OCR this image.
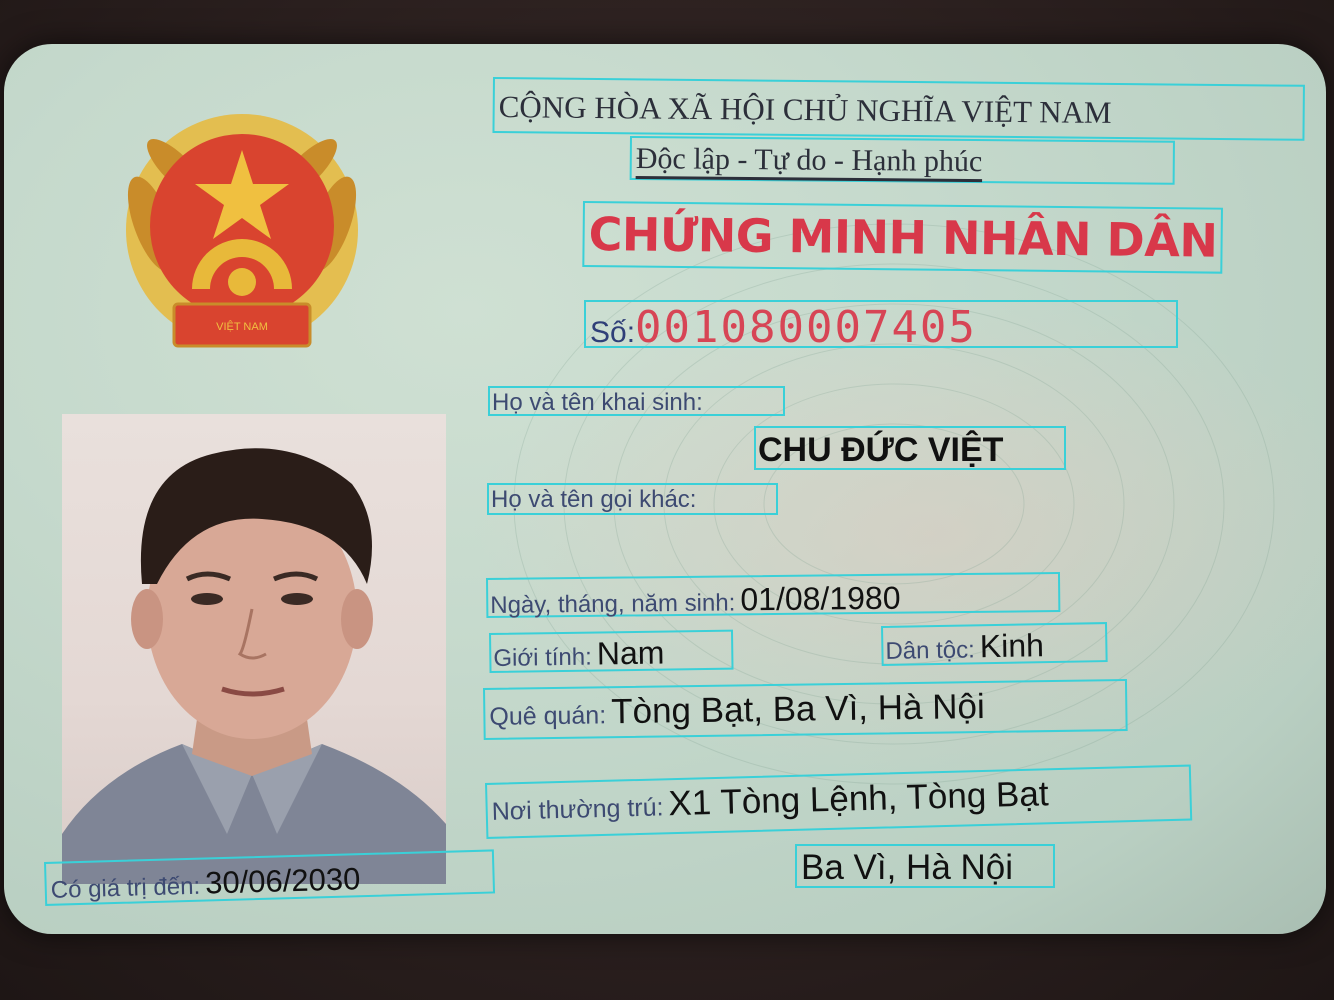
VIỆT NAM
CỘNG HÒA XÃ HỘI CHỦ NGHĨA VIỆT NAM
Độc lập - Tự do - Hạnh phúc
CHỨNG MINH NHÂN DÂN
Số:001080007405
Họ và tên khai sinh:
CHU ĐỨC VIỆT
Họ và tên gọi khác:
Ngày, tháng, năm sinh: 01/08/1980
Giới tính: Nam	Dân tộc: Kinh
Quê quán: Tòng Bạt, Ba Vì, Hà Nội
Nơi thường trú: X1 Tòng Lệnh, Tòng Bạt
Ba Vì, Hà Nội
Có giá trị đến: 30/06/2030
